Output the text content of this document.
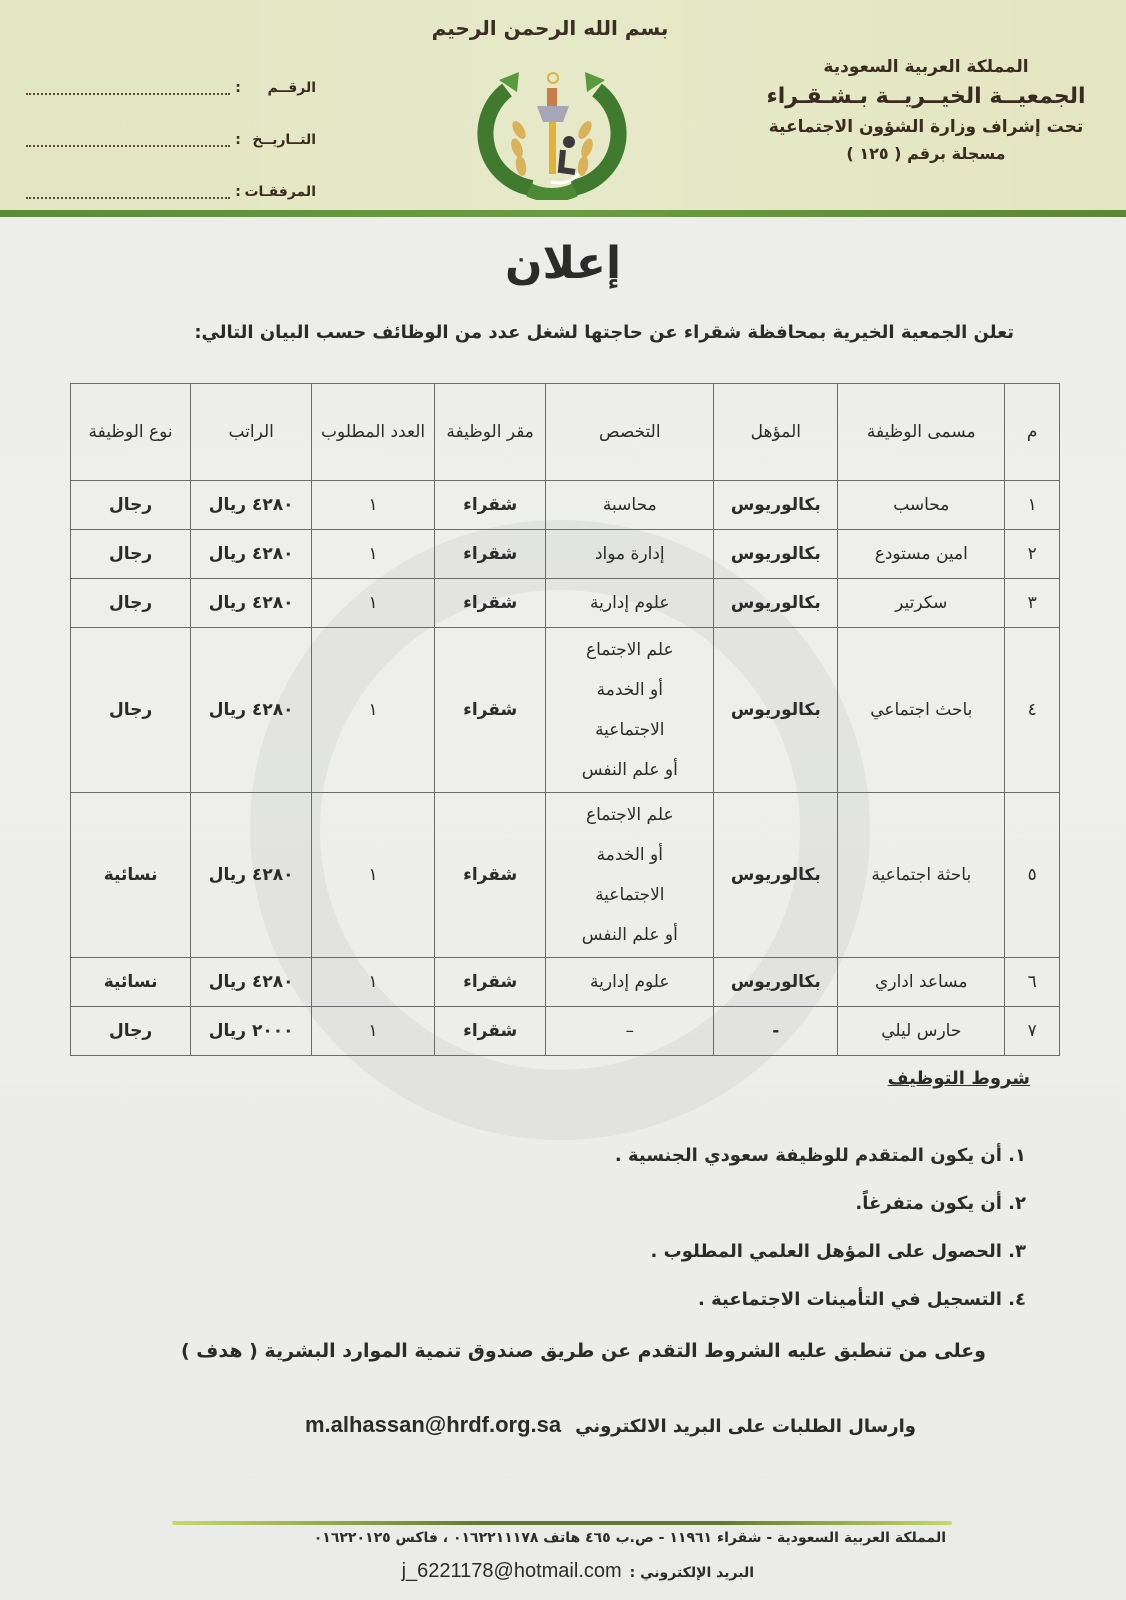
بسم الله الرحمن الرحيم
المملكة العربية السعودية
الجمعيــة الخيــريــة بـشـقـراء
تحت إشراف وزارة الشؤون الاجتماعية
مسجلة برقم ( ١٢٥ )
الرقــم
:
التــاريــخ
:
المرفقـات
:
إعلان
تعلن الجمعية الخيرية بمحافظة شقراء عن حاجتها لشغل عدد من الوظائف حسب البيان التالي:
م	مسمى الوظيفة	المؤهل	التخصص	مقر الوظيفة	العدد المطلوب	الراتب	نوع الوظيفة
١	محاسب	بكالوريوس	محاسبة	شقراء	١	٤٢٨٠ ريال	رجال
٢	امين مستودع	بكالوريوس	إدارة مواد	شقراء	١	٤٢٨٠ ريال	رجال
٣	سكرتير	بكالوريوس	علوم إدارية	شقراء	١	٤٢٨٠ ريال	رجال
٤	باحث اجتماعي	بكالوريوس	علم الاجتماع
أو الخدمة
الاجتماعية
أو علم النفس	شقراء	١	٤٢٨٠ ريال	رجال
٥	باحثة اجتماعية	بكالوريوس	علم الاجتماع
أو الخدمة
الاجتماعية
أو علم النفس	شقراء	١	٤٢٨٠ ريال	نسائية
٦	مساعد اداري	بكالوريوس	علوم إدارية	شقراء	١	٤٢٨٠ ريال	نسائية
٧	حارس ليلي	-	–	شقراء	١	٢٠٠٠ ريال	رجال
شروط التوظيف
١. أن يكون المتقدم للوظيفة سعودي الجنسية .
٢. أن يكون متفرغاً.
٣. الحصول على المؤهل العلمي المطلوب .
٤. التسجيل في التأمينات الاجتماعية .
وعلى من تنطبق عليه الشروط التقدم عن طريق صندوق تنمية الموارد البشرية ( هدف )
وارسال الطلبات على البريد الالكتروني
m.alhassan@hrdf.org.sa
المملكة العربية السعودية - شقراء ١١٩٦١ - ص.ب ٤٦٥ هاتف ٠١٦٢٢١١١٧٨ ، فاكس ٠١٦٢٢٠١٢٥
البريد الإلكتروني :
j_6221178@hotmail.com
